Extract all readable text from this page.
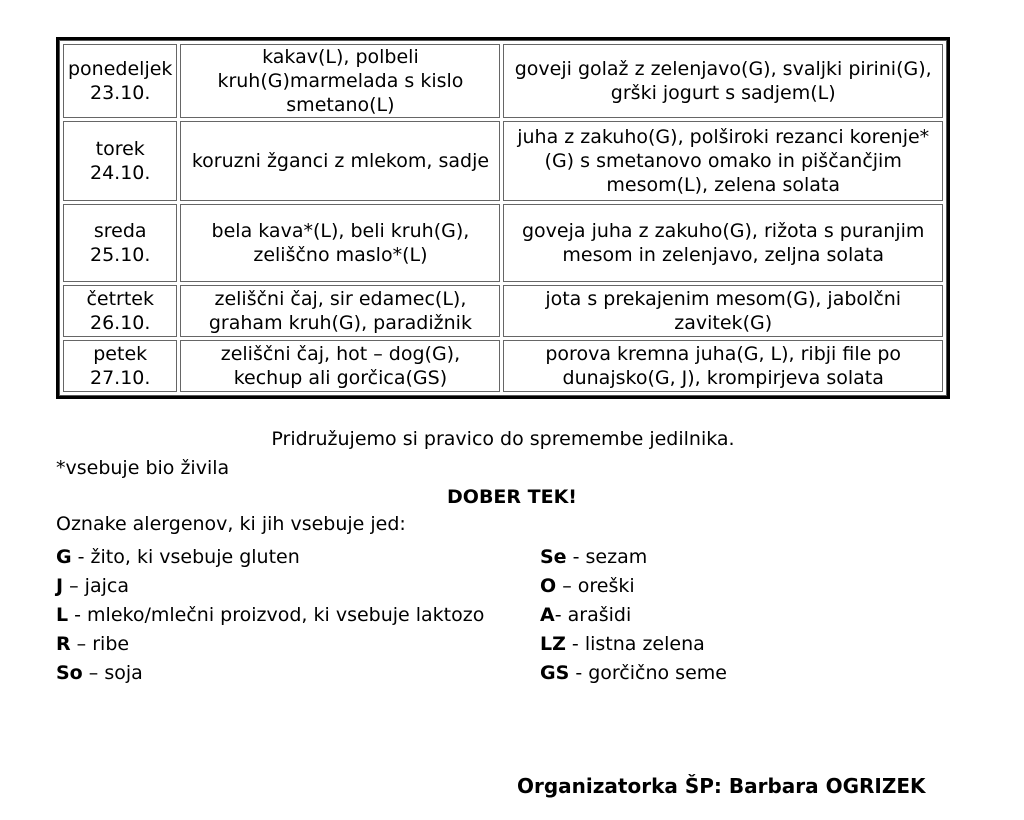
ponedeljek
23.10.	kakav(L), polbeli kruh(G)marmelada s kislo smetano(L)	goveji golaž z zelenjavo(G), svaljki pirini(G), grški jogurt s sadjem(L)

torek
24.10.	koruzni žganci z mlekom, sadje	juha z zakuho(G), polširoki rezanci korenje*(G) s smetanovo omako in piščančjim mesom(L), zelena solata

sreda
25.10.	bela kava*(L), beli kruh(G), zeliščno maslo*(L)	goveja juha z zakuho(G), rižota s puranjim mesom in zelenjavo, zeljna solata

četrtek
26.10.	zeliščni čaj, sir edamec(L), graham kruh(G), paradižnik	jota s prekajenim mesom(G), jabolčni zavitek(G)

petek
27.10.	zeliščni čaj, hot – dog(G), kechup ali gorčica(GS)	porova kremna juha(G, L), ribji file po dunajsko(G, J), krompirjeva solata
Pridružujemo si pravico do spremembe jedilnika.
*vsebuje bio živila
DOBER TEK!
Oznake alergenov, ki jih vsebuje jed:
G - žito, ki vsebuje gluten
J – jajca
L - mleko/mlečni proizvod, ki vsebuje laktozo
R – ribe
So – soja
Se - sezam
O – oreški
A- arašidi
LZ - listna zelena
GS - gorčično seme
Organizatorka ŠP: Barbara OGRIZEK
